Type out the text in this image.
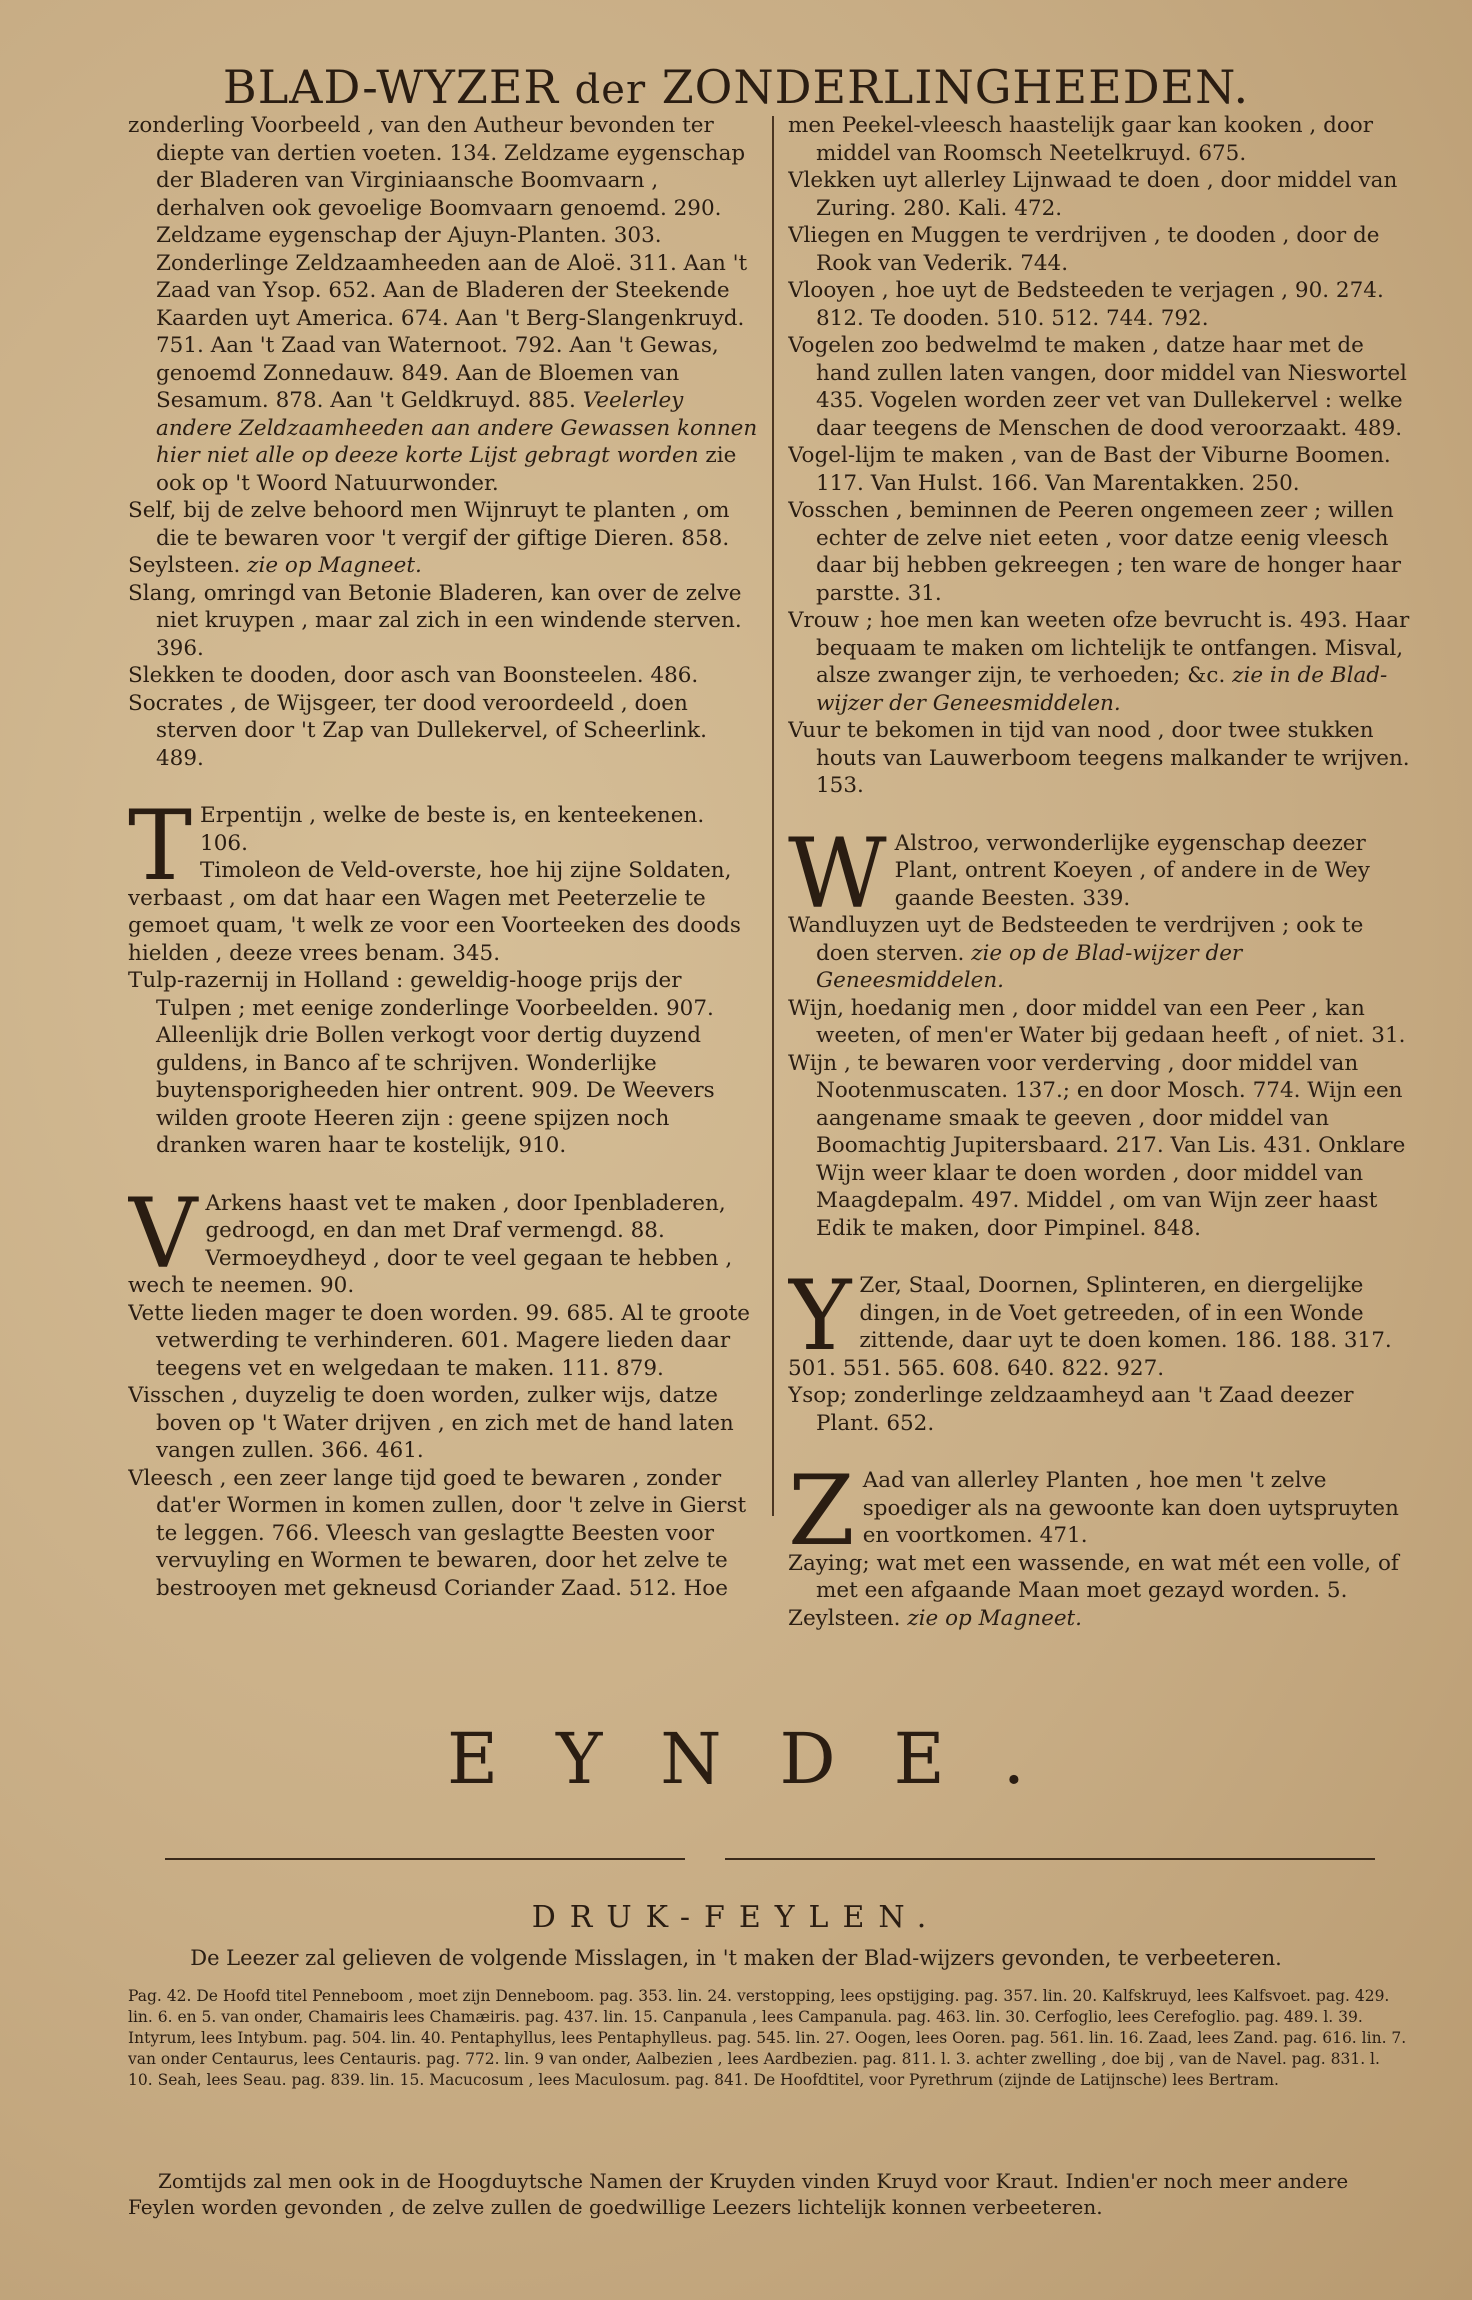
BLAD-WYZER der ZONDERLINGHEEDEN.

zonderling Voorbeeld , van den Autheur bevonden ter diepte van dertien voeten. 134. Zeldzame eygenschap der Bladeren van Virginiaansche Boomvaarn , derhalven ook gevoelige Boomvaarn genoemd. 290. Zeldzame eygenschap der Ajuyn-Planten. 303. Zonderlinge Zeldzaamheeden aan de Aloë. 311. Aan 't Zaad van Ysop. 652. Aan de Bladeren der Steekende Kaarden uyt America. 674. Aan 't Berg-Slangenkruyd. 751. Aan 't Zaad van Waternoot. 792. Aan 't Gewas, genoemd Zonnedauw. 849. Aan de Bloemen van Sesamum. 878. Aan 't Geldkruyd. 885. Veelerley andere Zeldzaamheeden aan andere Gewassen konnen hier niet alle op deeze korte Lijst gebragt worden zie ook op 't Woord Natuurwonder.

Self, bij de zelve behoord men Wijnruyt te planten , om die te bewaren voor 't vergif der giftige Dieren. 858.

Seylsteen. zie op Magneet.

Slang, omringd van Betonie Bladeren, kan over de zelve niet kruypen , maar zal zich in een windende sterven. 396.

Slekken te dooden, door asch van Boonsteelen. 486.

Socrates , de Wijsgeer, ter dood veroordeeld , doen sterven door 't Zap van Dullekervel, of Scheerlink. 489.

T Erpentijn , welke de beste is, en kenteekenen. 106.

Timoleon de Veld-overste, hoe hij zijne Soldaten, verbaast , om dat haar een Wagen met Peeterzelie te gemoet quam, 't welk ze voor een Voorteeken des doods hielden , deeze vrees benam. 345.

Tulp-razernij in Holland : geweldig-hooge prijs der Tulpen ; met eenige zonderlinge Voorbeelden. 907. Alleenlijk drie Bollen verkogt voor dertig duyzend guldens, in Banco af te schrijven. Wonderlijke buytensporigheeden hier ontrent. 909. De Weevers wilden groote Heeren zijn : geene spijzen noch dranken waren haar te kostelijk, 910.

V Arkens haast vet te maken , door Ipenbladeren, gedroogd, en dan met Draf vermengd. 88.

Vermoeydheyd , door te veel gegaan te hebben , wech te neemen. 90.

Vette lieden mager te doen worden. 99. 685. Al te groote vetwerding te verhinderen. 601. Magere lieden daar teegens vet en welgedaan te maken. 111. 879.

Visschen , duyzelig te doen worden, zulker wijs, datze boven op 't Water drijven , en zich met de hand laten vangen zullen. 366. 461.

Vleesch , een zeer lange tijd goed te bewaren , zonder dat'er Wormen in komen zullen, door 't zelve in Gierst te leggen. 766. Vleesch van geslagtte Beesten voor vervuyling en Wormen te bewaren, door het zelve te bestrooyen met gekneusd Coriander Zaad. 512. Hoe

men Peekel-vleesch haastelijk gaar kan kooken , door middel van Roomsch Neetelkruyd. 675.

Vlekken uyt allerley Lijnwaad te doen , door middel van Zuring. 280. Kali. 472.

Vliegen en Muggen te verdrijven , te dooden , door de Rook van Vederik. 744.

Vlooyen , hoe uyt de Bedsteeden te verjagen , 90. 274. 812. Te dooden. 510. 512. 744. 792.

Vogelen zoo bedwelmd te maken , datze haar met de hand zullen laten vangen, door middel van Nieswortel 435. Vogelen worden zeer vet van Dullekervel : welke daar teegens de Menschen de dood veroorzaakt. 489.

Vogel-lijm te maken , van de Bast der Viburne Boomen. 117. Van Hulst. 166. Van Marentakken. 250.

Vosschen , beminnen de Peeren ongemeen zeer ; willen echter de zelve niet eeten , voor datze eenig vleesch daar bij hebben gekreegen ; ten ware de honger haar parstte. 31.

Vrouw ; hoe men kan weeten ofze bevrucht is. 493. Haar bequaam te maken om lichtelijk te ontfangen. Misval, alsze zwanger zijn, te verhoeden; &c. zie in de Blad-wijzer der Geneesmiddelen.

Vuur te bekomen in tijd van nood , door twee stukken houts van Lauwerboom teegens malkander te wrijven. 153.

W Alstroo, verwonderlijke eygenschap deezer Plant, ontrent Koeyen , of andere in de Wey gaande Beesten. 339.

Wandluyzen uyt de Bedsteeden te verdrijven ; ook te doen sterven. zie op de Blad-wijzer der Geneesmiddelen.

Wijn, hoedanig men , door middel van een Peer , kan weeten, of men'er Water bij gedaan heeft , of niet. 31.

Wijn , te bewaren voor verderving , door middel van Nootenmuscaten. 137.; en door Mosch. 774. Wijn een aangename smaak te geeven , door middel van Boomachtig Jupitersbaard. 217. Van Lis. 431. Onklare Wijn weer klaar te doen worden , door middel van Maagdepalm. 497. Middel , om van Wijn zeer haast Edik te maken, door Pimpinel. 848.

Y Zer, Staal, Doornen, Splinteren, en diergelijke dingen, in de Voet getreeden, of in een Wonde zittende, daar uyt te doen komen. 186. 188. 317. 501. 551. 565. 608. 640. 822. 927.

Ysop; zonderlinge zeldzaamheyd aan 't Zaad deezer Plant. 652.

Z Aad van allerley Planten , hoe men 't zelve spoediger als na gewoonte kan doen uytspruyten en voortkomen. 471.

Zaying; wat met een wassende, en wat mét een volle, of met een afgaande Maan moet gezayd worden. 5.

Zeylsteen. zie op Magneet.

EYNDE.
DRUK-FEYLEN.
De Leezer zal gelieven de volgende Misslagen, in 't maken der Blad-wijzers gevonden, te verbeeteren.
Pag. 42. De Hoofd titel Penneboom , moet zijn Denneboom. pag. 353. lin. 24. verstopping, lees opstijging. pag. 357. lin. 20. Kalfskruyd, lees Kalfsvoet. pag. 429. lin. 6. en 5. van onder, Chamairis lees Chamæiris. pag. 437. lin. 15. Canpanula , lees Campanula. pag. 463. lin. 30. Cerfoglio, lees Cerefoglio. pag. 489. l. 39. Intyrum, lees Intybum. pag. 504. lin. 40. Pentaphyllus, lees Pentaphylleus. pag. 545. lin. 27. Oogen, lees Ooren. pag. 561. lin. 16. Zaad, lees Zand. pag. 616. lin. 7. van onder Centaurus, lees Centauris. pag. 772. lin. 9 van onder, Aalbezien , lees Aardbezien. pag. 811. l. 3. achter zwelling , doe bij , van de Navel. pag. 831. l. 10. Seah, lees Seau. pag. 839. lin. 15. Macucosum , lees Maculosum. pag. 841. De Hoofdtitel, voor Pyrethrum (zijnde de Latijnsche) lees Bertram.
Zomtijds zal men ook in de Hoogduytsche Namen der Kruyden vinden Kruyd voor Kraut. Indien'er noch meer andere Feylen worden gevonden , de zelve zullen de goedwillige Leezers lichtelijk konnen verbeeteren.
